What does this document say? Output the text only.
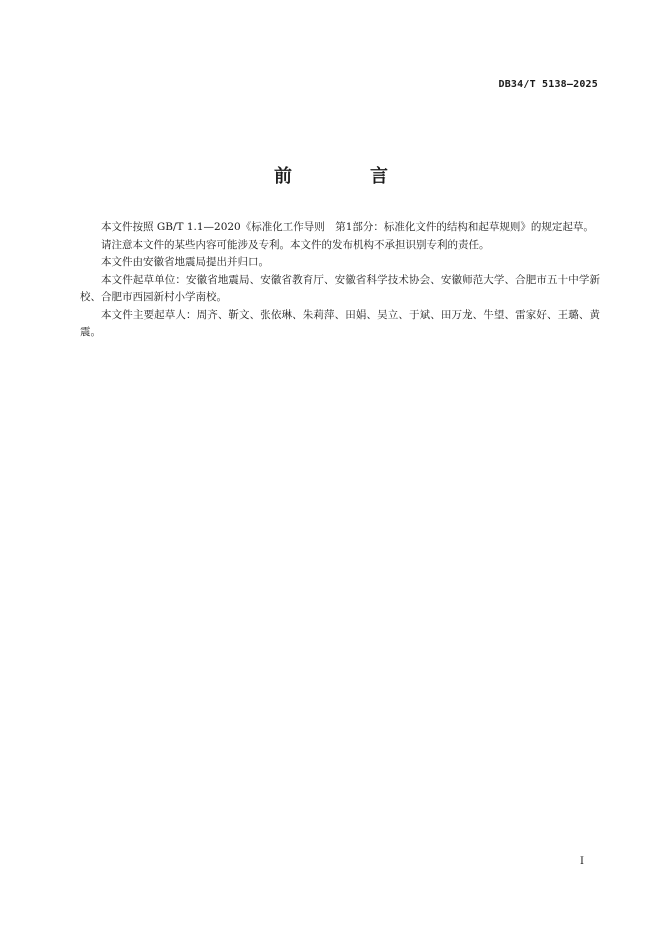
DB34/T 5138—2025
前　言

本文件按照 GB/T 1.1—2020《标准化工作导则　第1部分：标准化文件的结构和起草规则》的规定起草。

请注意本文件的某些内容可能涉及专利。本文件的发布机构不承担识别专利的责任。

本文件由安徽省地震局提出并归口。

本文件起草单位：安徽省地震局、安徽省教育厅、安徽省科学技术协会、安徽师范大学、合肥市五十中学新校、合肥市西园新村小学南校。

本文件主要起草人：周齐、靳文、张依琳、朱莉萍、田娟、吴立、于斌、田万龙、牛望、雷家好、王璐、黄震。

I
